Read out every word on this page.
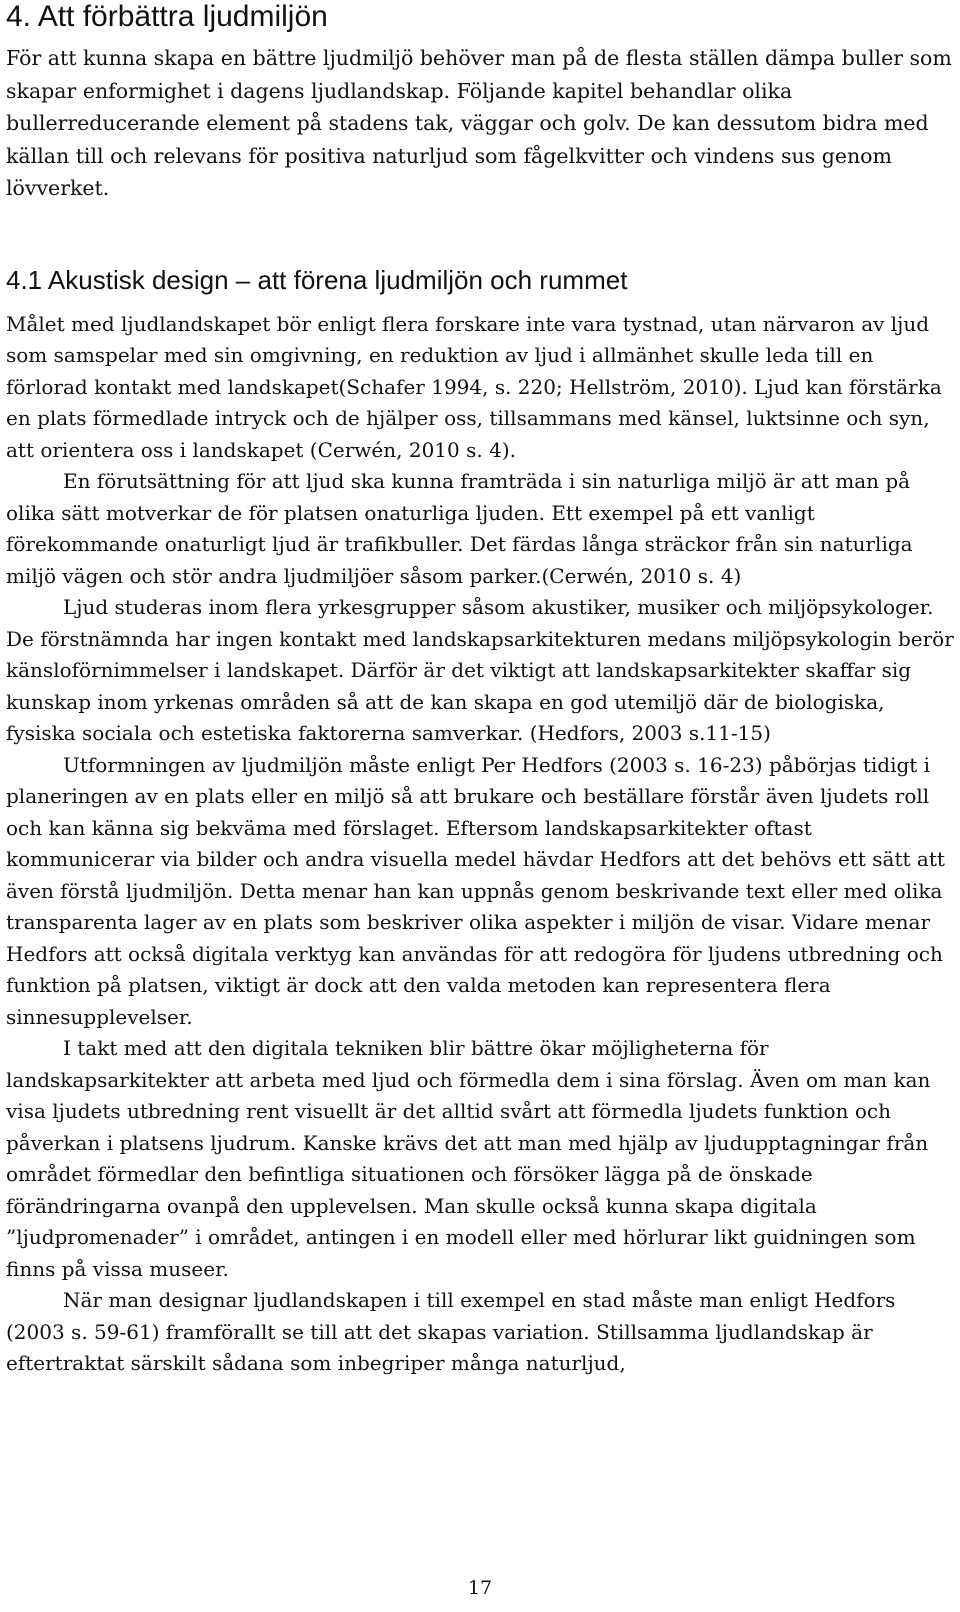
4. Att förbättra ljudmiljön

För att kunna skapa en bättre ljudmiljö behöver man på de flesta ställen dämpa buller som skapar enformighet i dagens ljudlandskap. Följande kapitel behandlar olika bullerreducerande element på stadens tak, väggar och golv. De kan dessutom bidra med källan till och relevans för positiva naturljud som fågelkvitter och vindens sus genom lövverket.

4.1 Akustisk design – att förena ljudmiljön och rummet

Målet med ljudlandskapet bör enligt flera forskare inte vara tystnad, utan närvaron av ljud som samspelar med sin omgivning, en reduktion av ljud i allmänhet skulle leda till en förlorad kontakt med landskapet(Schafer 1994, s. 220; Hellström, 2010). Ljud kan förstärka en plats förmedlade intryck och de hjälper oss, tillsammans med känsel, luktsinne och syn, att orientera oss i landskapet (Cerwén, 2010 s. 4).

En förutsättning för att ljud ska kunna framträda i sin naturliga miljö är att man på olika sätt motverkar de för platsen onaturliga ljuden. Ett exempel på ett vanligt förekommande onaturligt ljud är trafikbuller. Det färdas långa sträckor från sin naturliga miljö vägen och stör andra ljudmiljöer såsom parker.(Cerwén, 2010 s. 4)

Ljud studeras inom flera yrkesgrupper såsom akustiker, musiker och miljöpsykologer. De förstnämnda har ingen kontakt med landskapsarkitekturen medans miljöpsykologin berör känsloförnimmelser i landskapet. Därför är det viktigt att landskapsarkitekter skaffar sig kunskap inom yrkenas områden så att de kan skapa en god utemiljö där de biologiska, fysiska sociala och estetiska faktorerna samverkar. (Hedfors, 2003 s.11-15)

Utformningen av ljudmiljön måste enligt Per Hedfors (2003 s. 16-23) påbörjas tidigt i planeringen av en plats eller en miljö så att brukare och beställare förstår även ljudets roll och kan känna sig bekväma med förslaget. Eftersom landskapsarkitekter oftast kommunicerar via bilder och andra visuella medel hävdar Hedfors att det behövs ett sätt att även förstå ljudmiljön. Detta menar han kan uppnås genom beskrivande text eller med olika transparenta lager av en plats som beskriver olika aspekter i miljön de visar. Vidare menar Hedfors att också digitala verktyg kan användas för att redogöra för ljudens utbredning och funktion på platsen, viktigt är dock att den valda metoden kan representera flera sinnesupplevelser.

I takt med att den digitala tekniken blir bättre ökar möjligheterna för landskapsarkitekter att arbeta med ljud och förmedla dem i sina förslag. Även om man kan visa ljudets utbredning rent visuellt är det alltid svårt att förmedla ljudets funktion och påverkan i platsens ljudrum. Kanske krävs det att man med hjälp av ljudupptagningar från området förmedlar den befintliga situationen och försöker lägga på de önskade förändringarna ovanpå den upplevelsen. Man skulle också kunna skapa digitala ”ljudpromenader” i området, antingen i en modell eller med hörlurar likt guidningen som finns på vissa museer.

När man designar ljudlandskapen i till exempel en stad måste man enligt Hedfors (2003 s. 59-61) framförallt se till att det skapas variation. Stillsamma ljudlandskap är eftertraktat särskilt sådana som inbegriper många naturljud,

17
